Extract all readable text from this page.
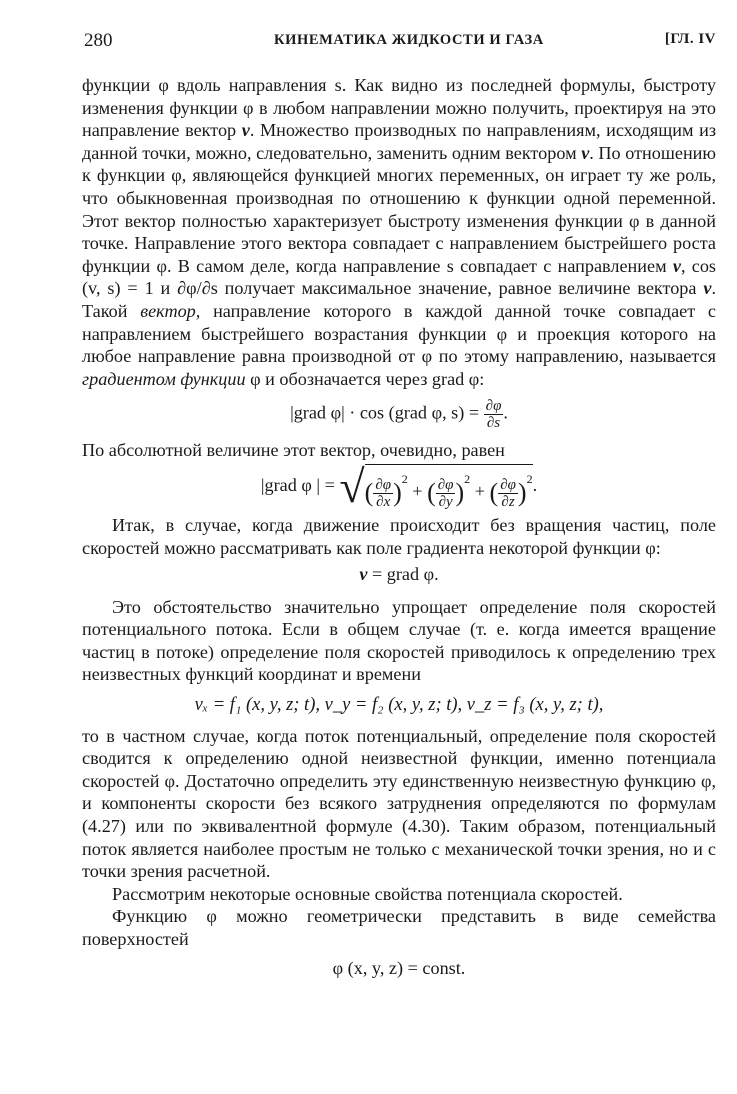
280	КИНЕМАТИКА ЖИДКОСТИ И ГАЗА	[ГЛ. IV

функции φ вдоль направления s. Как видно из последней формулы, быстроту изменения функции φ в любом направлении можно получить, проектируя на это направление вектор v. Множество производных по направлениям, исходящим из данной точки, можно, следовательно, заменить одним вектором v. По отношению к функции φ, являющейся функцией многих переменных, он играет ту же роль, что обыкновенная производная по отношению к функции одной переменной. Этот вектор полностью характеризует быстроту изменения функции φ в данной точке. Направление этого вектора совпадает с направлением быстрейшего роста функции φ. В самом деле, когда направление s совпадает с направлением v, cos (v, s) = 1 и ∂φ/∂s получает максимальное значение, равное величине вектора v. Такой вектор, направление которого в каждой данной точке совпадает с направлением быстрейшего возрастания функции φ и проекция которого на любое направление равна производной от φ по этому направлению, называется градиентом функции φ и обозначается через grad φ:

|grad φ| · cos (grad φ, $s) = \frac{\partial\varphi}{\partial s}$ .

По абсолютной величине этот вектор, очевидно, равен

|grad φ | = √( $\frac{\partial\varphi}{\partial x} )^2$ + ( $\frac{\partial\varphi}{\partial y} )^2$ + ( $\frac{\partial\varphi}{\partial z} )^2$.

Итак, в случае, когда движение происходит без вращения частиц, поле скоростей можно рассматривать как поле градиента некоторой функции φ:

v = grad φ.

Это обстоятельство значительно упрощает определение поля скоростей потенциального потока. Если в общем случае (т. е. когда имеется вращение частиц в потоке) определение поля скоростей приводилось к определению трех неизвестных функций координат и времени

vₓ = f₁ (x, y, z; t), v_y = f₂ (x, y, z; t), v_z = f₃ (x, y, z; t),

то в частном случае, когда поток потенциальный, определение поля скоростей сводится к определению одной неизвестной функции, именно потенциала скоростей φ. Достаточно определить эту единственную неизвестную функцию φ, и компоненты скорости без всякого затруднения определяются по формулам (4.27) или по эквивалентной формуле (4.30). Таким образом, потенциальный поток является наиболее простым не только с механической точки зрения, но и с точки зрения расчетной.

Рассмотрим некоторые основные свойства потенциала скоростей.

Функцию φ можно геометрически представить в виде семейства поверхностей

φ (x, y, z) = const.
